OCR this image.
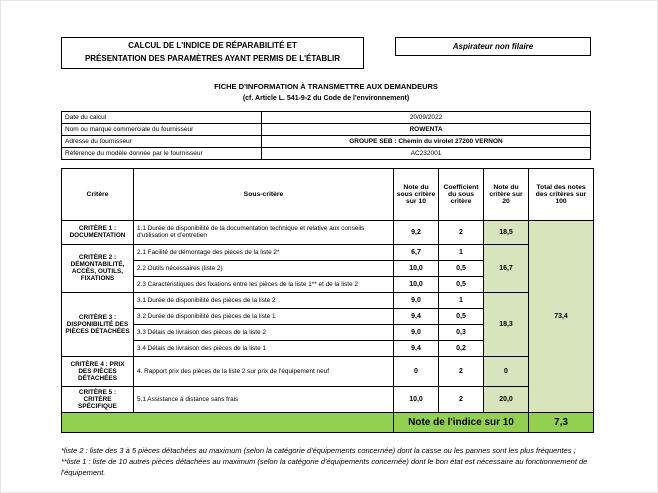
CALCUL DE L'INDICE DE RÉPARABILITÉ ET
PRÉSENTATION DES PARAMÈTRES AYANT PERMIS DE L'ÉTABLIR
Aspirateur non filaire
FICHE D'INFORMATION À TRANSMETTRE AUX DEMANDEURS
(cf. Article L. 541-9-2 du Code de l'environnement)
Date du calcul	20/09/2022
Nom ou marque commerciale du fournisseur	ROWENTA
Adresse du fournisseur	GROUPE SEB : Chemin du virolet 27200 VERNON
Référence du modèle donnée par le fournisseur	AC232001
Critère	Sous-critère	Note du sous critère sur 10	Coefficient du sous critère	Note du critère sur 20	Total des notes des critères sur 100
CRITÈRE 1 : DOCUMENTATION	1.1 Durée de disponibilité de la documentation technique et relative aux conseils d'utilisation et d'entretien	9,2	2	18,5	73,4
CRITÈRE 2 : DÉMONTABILITÉ, ACCÈS, OUTILS, FIXATIONS	2.1 Facilité de démontage des pièces de la liste 2*	6,7	1	16,7	
	2.2 Outils nécessaires (liste 2)	10,0	0,5		
	2.3 Caractéristiques des fixations entre les pièces de la liste 1** et de la liste 2	10,0	0,5		
CRITÈRE 3 : DISPONIBILITÉ DES PIÈCES DÉTACHÉES	3.1 Durée de disponibilité des pièces de la liste 2	9,0	1	18,3	
	3.2 Durée de disponibilité des pièces de la liste 1	9,4	0,5		
	3.3 Délais de livraison des pièces de la liste 2	9,0	0,3		
	3.4 Délais de livraison des pièces de la liste 1	9,4	0,2		
CRITÈRE 4 : PRIX DES PIÈCES DÉTACHÉES	4. Rapport prix des pièces de la liste 2 sur prix de l'équipement neuf	0	2	0	
CRITÈRE 5 : CRITÈRE SPÉCIFIQUE	5.1 Assistance à distance sans frais	10,0	2	20,0	
		Note de l'indice sur 10			7,3
*liste 2 : liste des 3 à 5 pièces détachées au maximum (selon la catégorie d'équipements concernée) dont la casse ou les pannes sont les plus fréquentes ;
**liste 1 : liste de 10 autres pièces détachées au maximum (selon la catégorie d'équipements concernée) dont le bon état est nécessaire au fonctionnement de l'équipement.
